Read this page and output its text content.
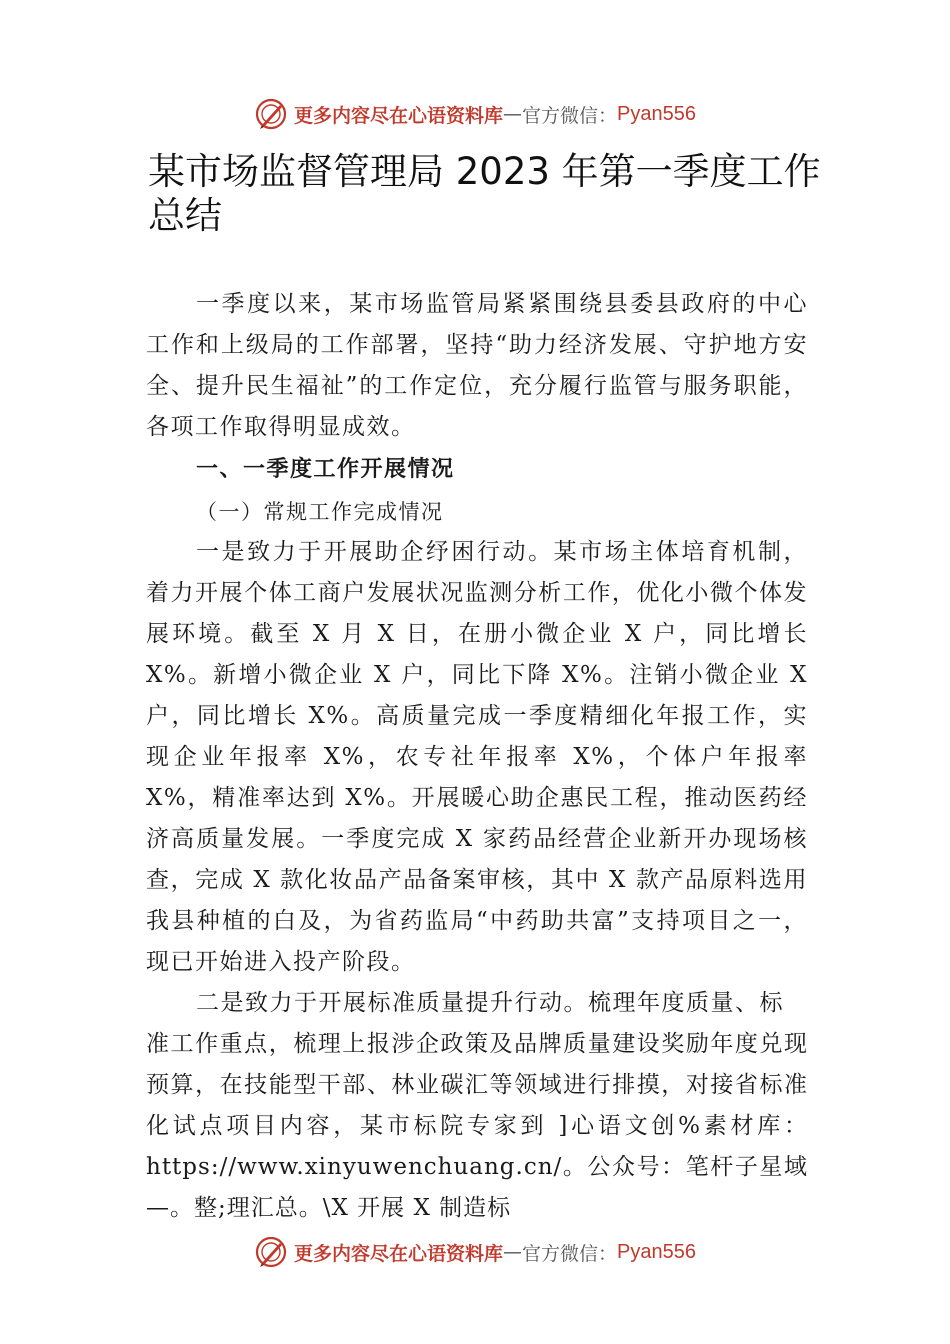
更多内容尽在心语资料库 — 官方微信： Pyan556
某市场监督管理局 2023 年第一季度工作总结

一季度以来，某市场监管局紧紧围绕县委县政府的中心工作和上级局的工作部署，坚持“助力经济发展、守护地方安全、提升民生福祉”的工作定位，充分履行监管与服务职能，各项工作取得明显成效。

一、一季度工作开展情况

（一）常规工作完成情况

一是致力于开展助企纾困行动。某市场主体培育机制，着力开展个体工商户发展状况监测分析工作，优化小微个体发展环境。截至 X 月 X 日，在册小微企业 X 户，同比增长 X%。新增小微企业 X 户，同比下降 X%。注销小微企业 X 户，同比增长 X%。高质量完成一季度精细化年报工作，实现企业年报率 X%，农专社年报率 X%，个体户年报率 X%，精准率达到 X%。开展暖心助企惠民工程，推动医药经济高质量发展。一季度完成 X 家药品经营企业新开办现场核查，完成 X 款化妆品产品备案审核，其中 X 款产品原料选用我县种植的白及，为省药监局“中药助共富”支持项目之一，现已开始进入投产阶段。

二是致力于开展标准质量提升行动。梳理年度质量、标

准工作重点，梳理上报涉企政策及品牌质量建设奖励年度兑现预算，在技能型干部、林业碳汇等领域进行排摸，对接省标准化试点项目内容，某市标院专家到 ]心语文创%素材库：https://www.xinyuwenchuang.cn/。公众号：笔杆子星域—。整;理汇总。\X 开展 X 制造标

更多内容尽在心语资料库 — 官方微信： Pyan556
